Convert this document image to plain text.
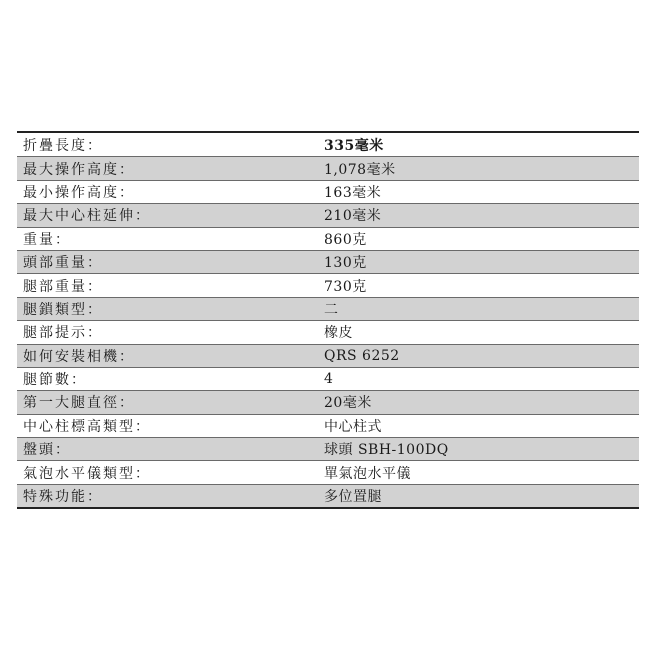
折疊長度：	335毫米
最大操作高度：	1,078毫米
最小操作高度：	163毫米
最大中心柱延伸：	210毫米
重量：	860克
頭部重量：	130克
腿部重量：	730克
腿鎖類型：	二
腿部提示：	橡皮
如何安裝相機：	QRS 6252
腿節數：	4
第一大腿直徑：	20毫米
中心柱標高類型：	中心柱式
盤頭：	球頭 SBH-100DQ
氣泡水平儀類型：	單氣泡水平儀
特殊功能：	多位置腿
